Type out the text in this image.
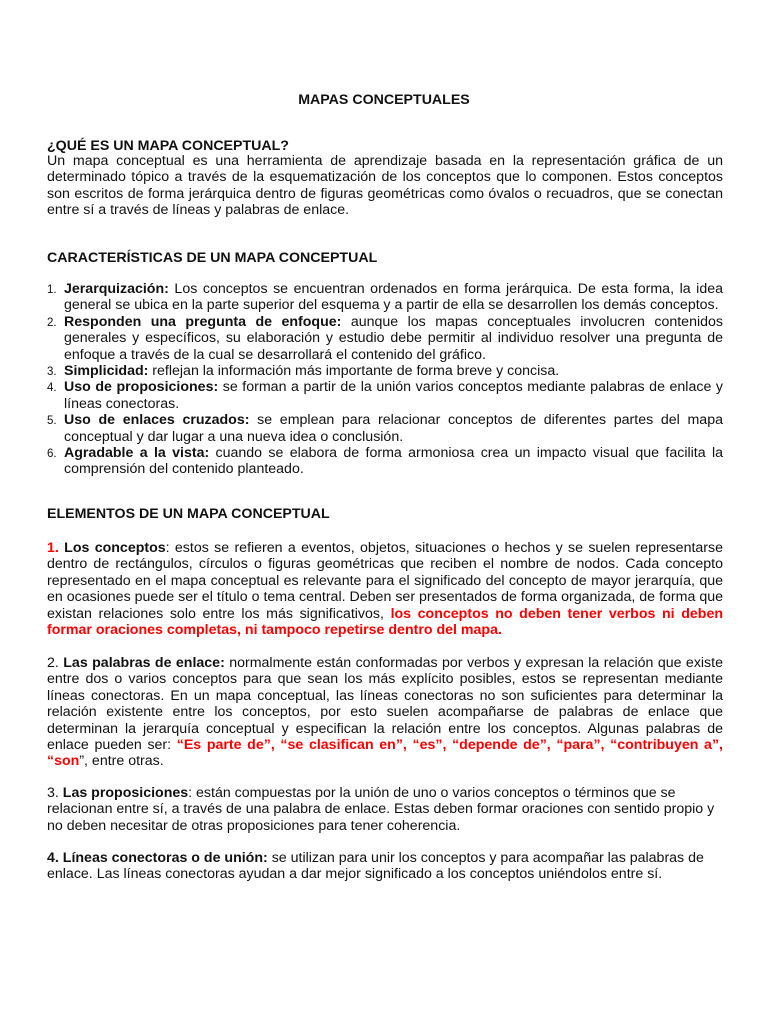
MAPAS CONCEPTUALES
¿QUÉ ES UN MAPA CONCEPTUAL?

Un mapa conceptual es una herramienta de aprendizaje basada en la representación gráfica de un determinado tópico a través de la esquematización de los conceptos que lo componen. Estos conceptos son escritos de forma jerárquica dentro de figuras geométricas como óvalos o recuadros, que se conectan entre sí a través de líneas y palabras de enlace.

CARACTERÍSTICAS DE UN MAPA CONCEPTUAL
1. Jerarquización: Los conceptos se encuentran ordenados en forma jerárquica. De esta forma, la idea general se ubica en la parte superior del esquema y a partir de ella se desarrollen los demás conceptos.
2. Responden una pregunta de enfoque: aunque los mapas conceptuales involucren contenidos generales y específicos, su elaboración y estudio debe permitir al individuo resolver una pregunta de enfoque a través de la cual se desarrollará el contenido del gráfico.
3. Simplicidad: reflejan la información más importante de forma breve y concisa.
4. Uso de proposiciones: se forman a partir de la unión varios conceptos mediante palabras de enlace y líneas conectoras.
5. Uso de enlaces cruzados: se emplean para relacionar conceptos de diferentes partes del mapa conceptual y dar lugar a una nueva idea o conclusión.
6. Agradable a la vista: cuando se elabora de forma armoniosa crea un impacto visual que facilita la comprensión del contenido planteado.
ELEMENTOS DE UN MAPA CONCEPTUAL

1. Los conceptos: estos se refieren a eventos, objetos, situaciones o hechos y se suelen representarse dentro de rectángulos, círculos o figuras geométricas que reciben el nombre de nodos. Cada concepto representado en el mapa conceptual es relevante para el significado del concepto de mayor jerarquía, que en ocasiones puede ser el título o tema central. Deben ser presentados de forma organizada, de forma que existan relaciones solo entre los más significativos, los conceptos no deben tener verbos ni deben formar oraciones completas, ni tampoco repetirse dentro del mapa.

2. Las palabras de enlace: normalmente están conformadas por verbos y expresan la relación que existe entre dos o varios conceptos para que sean los más explícito posibles, estos se representan mediante líneas conectoras. En un mapa conceptual, las líneas conectoras no son suficientes para determinar la relación existente entre los conceptos, por esto suelen acompañarse de palabras de enlace que determinan la jerarquía conceptual y especifican la relación entre los conceptos. Algunas palabras de enlace pueden ser: “Es parte de”, “se clasifican en”, “es”, “depende de”, “para”, “contribuyen a”, “son”, entre otras.

3. Las proposiciones: están compuestas por la unión de uno o varios conceptos o términos que se relacionan entre sí, a través de una palabra de enlace. Estas deben formar oraciones con sentido propio y no deben necesitar de otras proposiciones para tener coherencia.

4. Líneas conectoras o de unión: se utilizan para unir los conceptos y para acompañar las palabras de enlace. Las líneas conectoras ayudan a dar mejor significado a los conceptos uniéndolos entre sí.
